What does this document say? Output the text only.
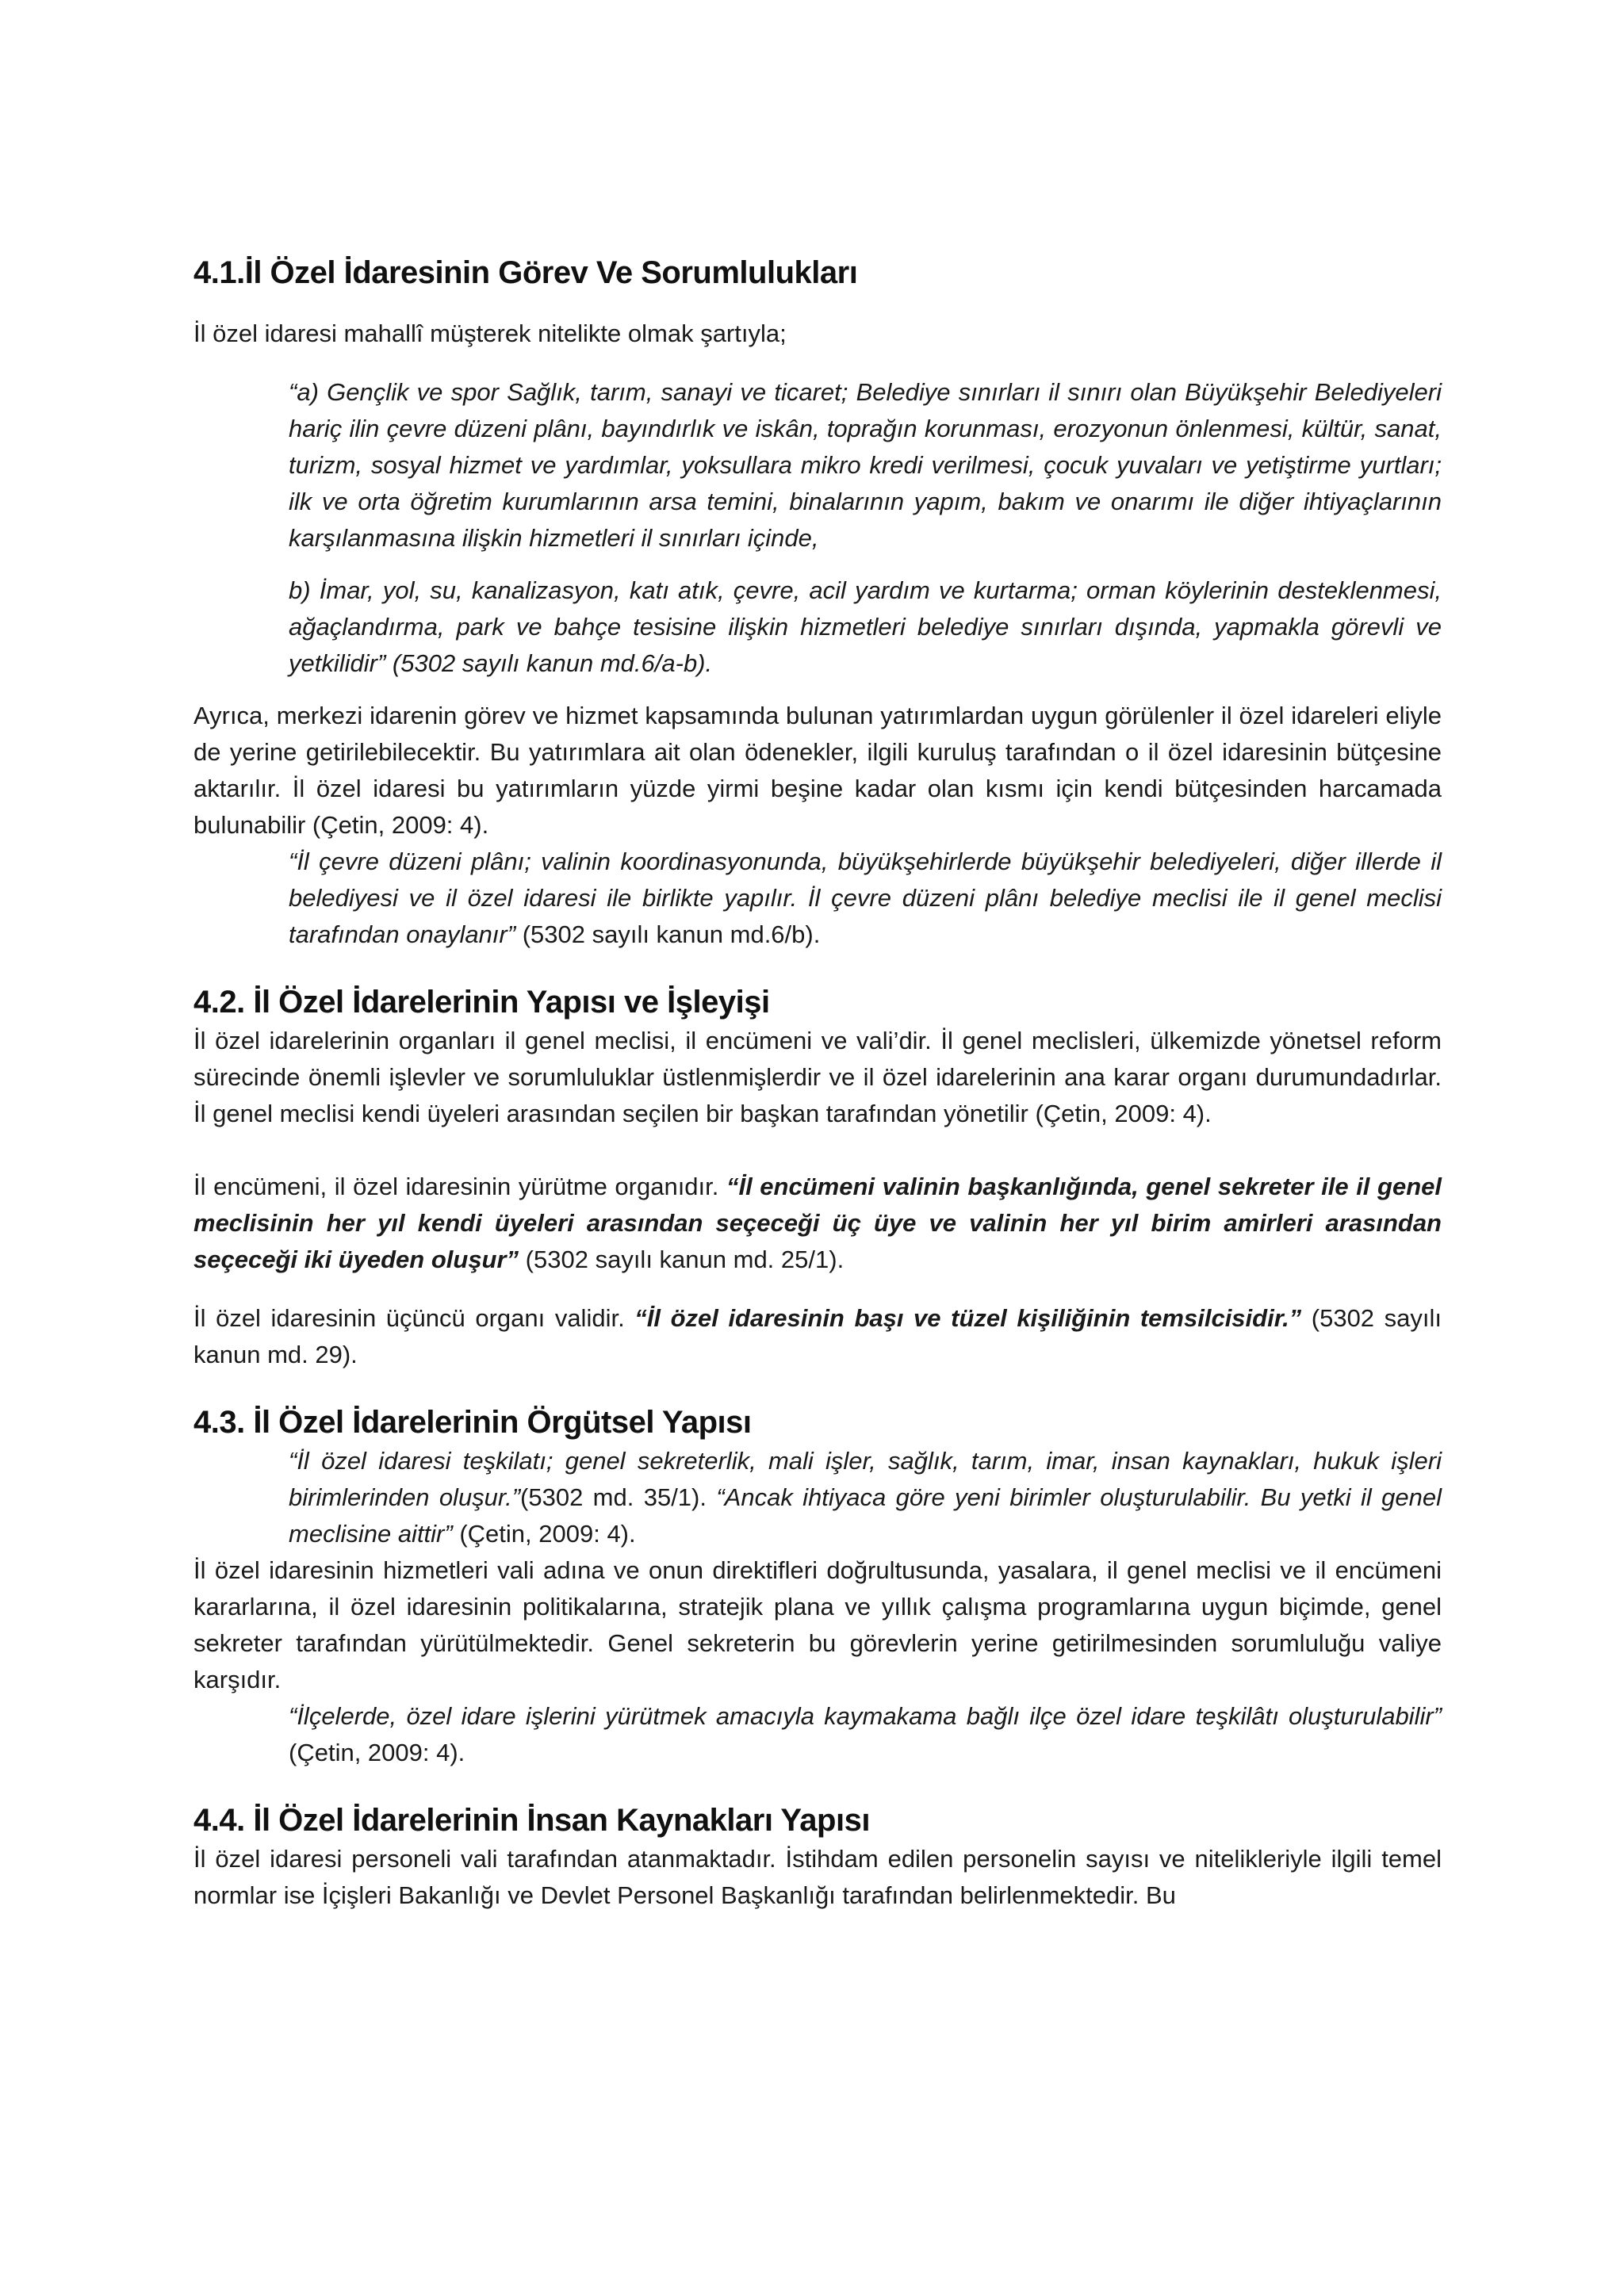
4.1.İl Özel İdaresinin Görev Ve Sorumlulukları

İl özel idaresi mahallî müşterek nitelikte olmak şartıyla;

“a) Gençlik ve spor Sağlık, tarım, sanayi ve ticaret; Belediye sınırları il sınırı olan Büyükşehir Belediyeleri hariç ilin çevre düzeni plânı, bayındırlık ve iskân, toprağın korunması, erozyonun önlenmesi, kültür, sanat, turizm, sosyal hizmet ve yardımlar, yoksullara mikro kredi verilmesi, çocuk yuvaları ve yetiştirme yurtları; ilk ve orta öğretim kurumlarının arsa temini, binalarının yapım, bakım ve onarımı ile diğer ihtiyaçlarının karşılanmasına ilişkin hizmetleri il sınırları içinde,

b) İmar, yol, su, kanalizasyon, katı atık, çevre, acil yardım ve kurtarma; orman köylerinin desteklenmesi, ağaçlandırma, park ve bahçe tesisine ilişkin hizmetleri belediye sınırları dışında, yapmakla görevli ve yetkilidir” (5302 sayılı kanun md.6/a-b).

Ayrıca, merkezi idarenin görev ve hizmet kapsamında bulunan yatırımlardan uygun görülenler il özel idareleri eliyle de yerine getirilebilecektir. Bu yatırımlara ait olan ödenekler, ilgili kuruluş tarafından o il özel idaresinin bütçesine aktarılır. İl özel idaresi bu yatırımların yüzde yirmi beşine kadar olan kısmı için kendi bütçesinden harcamada bulunabilir (Çetin, 2009: 4).

“İl çevre düzeni plânı; valinin koordinasyonunda, büyükşehirlerde büyükşehir belediyeleri, diğer illerde il belediyesi ve il özel idaresi ile birlikte yapılır. İl çevre düzeni plânı belediye meclisi ile il genel meclisi tarafından onaylanır” (5302 sayılı kanun md.6/b).

4.2. İl Özel İdarelerinin Yapısı ve İşleyişi

İl özel idarelerinin organları il genel meclisi, il encümeni ve vali’dir. İl genel meclisleri, ülkemizde yönetsel reform sürecinde önemli işlevler ve sorumluluklar üstlenmişlerdir ve il özel idarelerinin ana karar organı durumundadırlar. İl genel meclisi kendi üyeleri arasından seçilen bir başkan tarafından yönetilir (Çetin, 2009: 4).

İl encümeni, il özel idaresinin yürütme organıdır. “İl encümeni valinin başkanlığında, genel sekreter ile il genel meclisinin her yıl kendi üyeleri arasından seçeceği üç üye ve valinin her yıl birim amirleri arasından seçeceği iki üyeden oluşur” (5302 sayılı kanun md. 25/1).

İl özel idaresinin üçüncü organı validir. “İl özel idaresinin başı ve tüzel kişiliğinin temsilcisidir.” (5302 sayılı kanun md. 29).

4.3. İl Özel İdarelerinin Örgütsel Yapısı

“İl özel idaresi teşkilatı; genel sekreterlik, mali işler, sağlık, tarım, imar, insan kaynakları, hukuk işleri birimlerinden oluşur.”(5302 md. 35/1). “Ancak ihtiyaca göre yeni birimler oluşturulabilir. Bu yetki il genel meclisine aittir” (Çetin, 2009: 4).

İl özel idaresinin hizmetleri vali adına ve onun direktifleri doğrultusunda, yasalara, il genel meclisi ve il encümeni kararlarına, il özel idaresinin politikalarına, stratejik plana ve yıllık çalışma programlarına uygun biçimde, genel sekreter tarafından yürütülmektedir. Genel sekreterin bu görevlerin yerine getirilmesinden sorumluluğu valiye karşıdır.

“İlçelerde, özel idare işlerini yürütmek amacıyla kaymakama bağlı ilçe özel idare teşkilâtı oluşturulabilir” (Çetin, 2009: 4).

4.4. İl Özel İdarelerinin İnsan Kaynakları Yapısı

İl özel idaresi personeli vali tarafından atanmaktadır. İstihdam edilen personelin sayısı ve nitelikleriyle ilgili temel normlar ise İçişleri Bakanlığı ve Devlet Personel Başkanlığı tarafından belirlenmektedir. Bu
